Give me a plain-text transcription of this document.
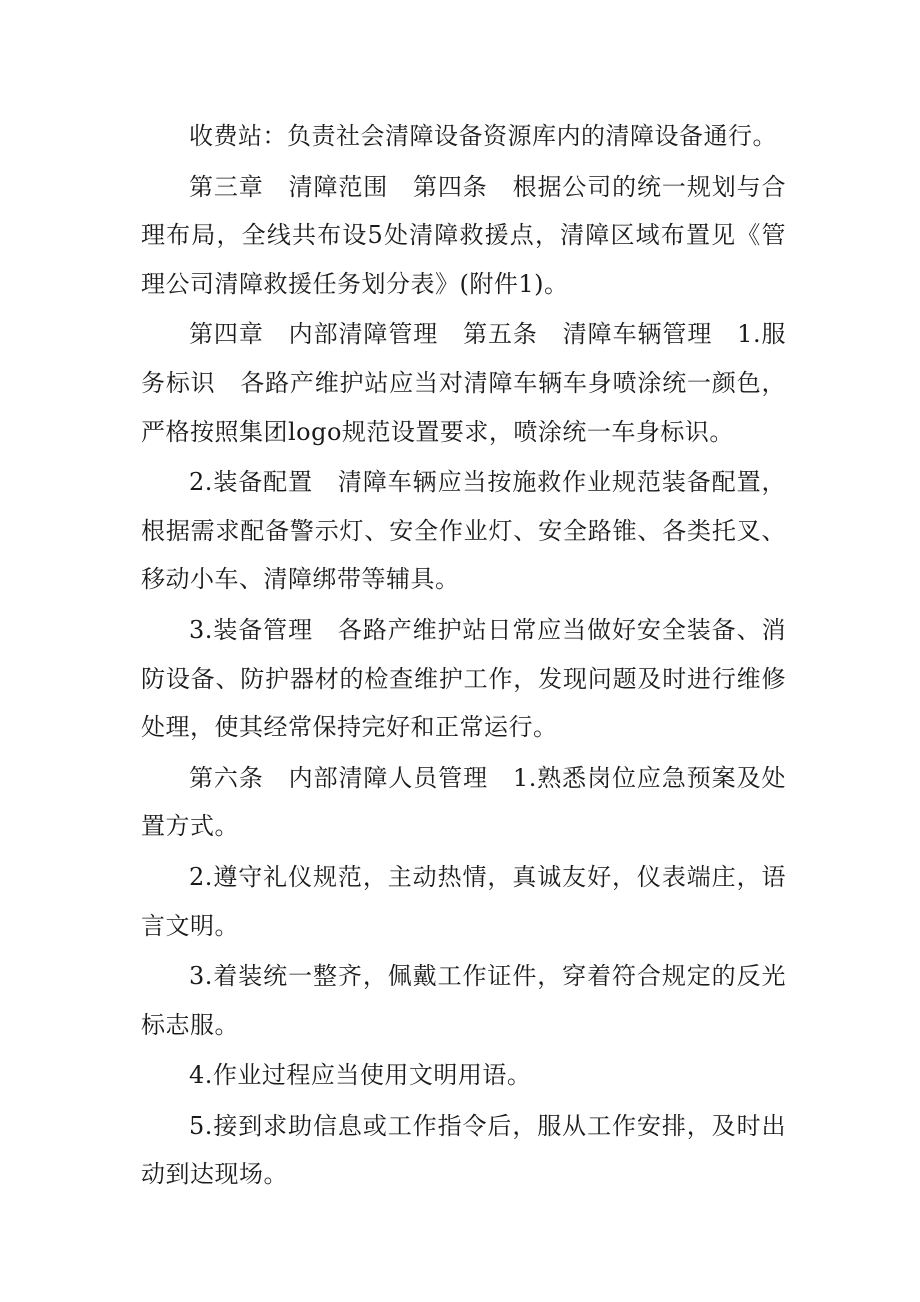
收费站：负责社会清障设备资源库内的清障设备通行。

第三章　清障范围　第四条　根据公司的统一规划与合理布局，全线共布设5处清障救援点，清障区域布置见《管理公司清障救援任务划分表》(附件1)。

第四章　内部清障管理　第五条　清障车辆管理　1.服务标识　各路产维护站应当对清障车辆车身喷涂统一颜色，严格按照集团logo规范设置要求，喷涂统一车身标识。

2.装备配置　清障车辆应当按施救作业规范装备配置，根据需求配备警示灯、安全作业灯、安全路锥、各类托叉、移动小车、清障绑带等辅具。

3.装备管理　各路产维护站日常应当做好安全装备、消防设备、防护器材的检查维护工作，发现问题及时进行维修处理，使其经常保持完好和正常运行。

第六条　内部清障人员管理　1.熟悉岗位应急预案及处置方式。

2.遵守礼仪规范，主动热情，真诚友好，仪表端庄，语言文明。

3.着装统一整齐，佩戴工作证件，穿着符合规定的反光标志服。

4.作业过程应当使用文明用语。

5.接到求助信息或工作指令后，服从工作安排，及时出动到达现场。
